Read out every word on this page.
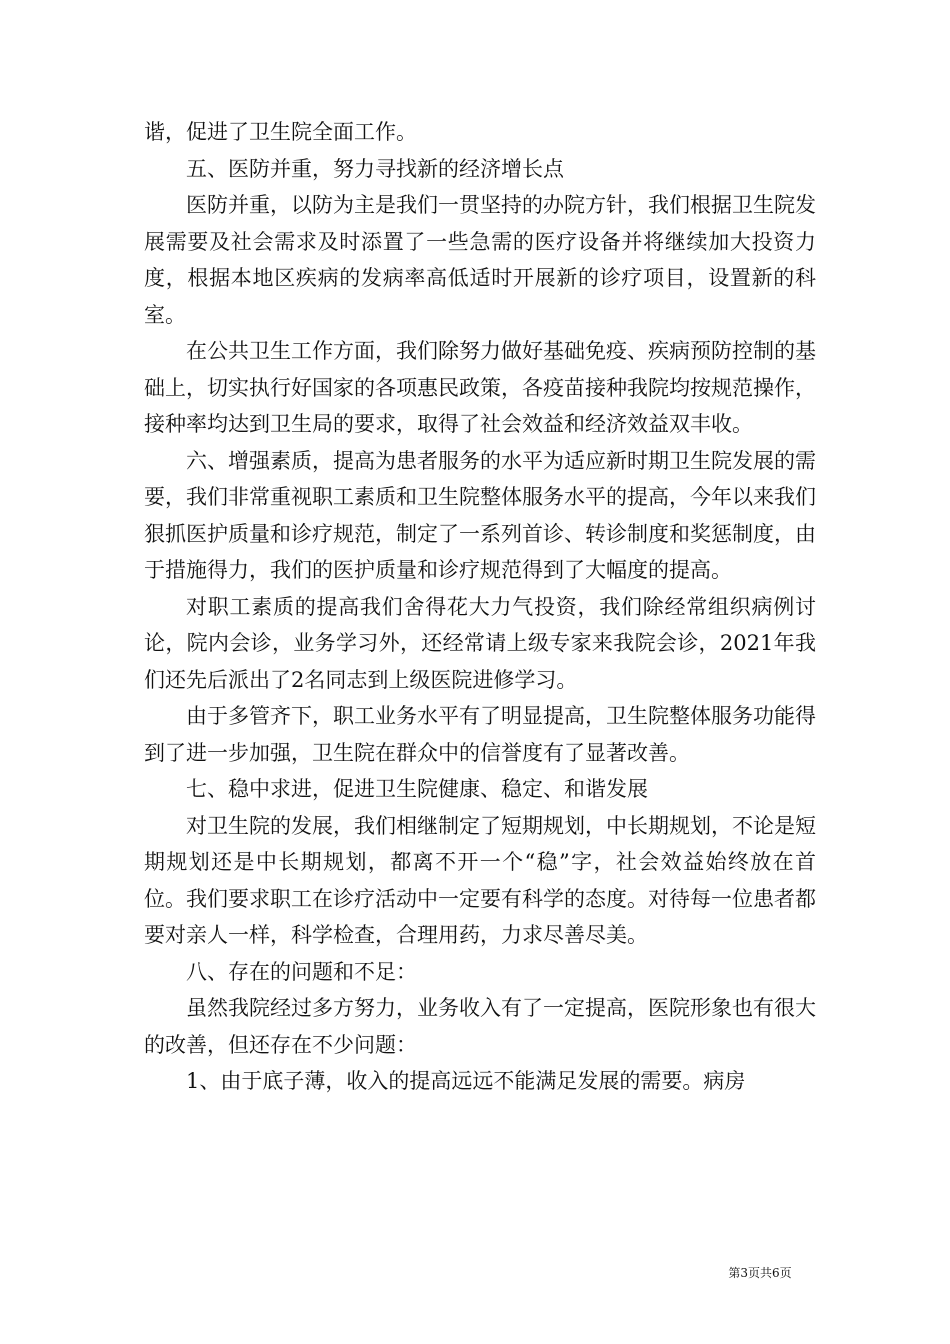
谐，促进了卫生院全面工作。

五、医防并重，努力寻找新的经济增长点

医防并重，以防为主是我们一贯坚持的办院方针，我们根据卫生院发展需要及社会需求及时添置了一些急需的医疗设备并将继续加大投资力度，根据本地区疾病的发病率高低适时开展新的诊疗项目，设置新的科室。

在公共卫生工作方面，我们除努力做好基础免疫、疾病预防控制的基础上，切实执行好国家的各项惠民政策，各疫苗接种我院均按规范操作，接种率均达到卫生局的要求，取得了社会效益和经济效益双丰收。

六、增强素质，提高为患者服务的水平为适应新时期卫生院发展的需要，我们非常重视职工素质和卫生院整体服务水平的提高，今年以来我们狠抓医护质量和诊疗规范，制定了一系列首诊、转诊制度和奖惩制度，由于措施得力，我们的医护质量和诊疗规范得到了大幅度的提高。

对职工素质的提高我们舍得花大力气投资，我们除经常组织病例讨论，院内会诊，业务学习外，还经常请上级专家来我院会诊，2021年我们还先后派出了2名同志到上级医院进修学习。

由于多管齐下，职工业务水平有了明显提高，卫生院整体服务功能得到了进一步加强，卫生院在群众中的信誉度有了显著改善。

七、稳中求进，促进卫生院健康、稳定、和谐发展

对卫生院的发展，我们相继制定了短期规划，中长期规划，不论是短期规划还是中长期规划，都离不开一个“稳”字，社会效益始终放在首位。我们要求职工在诊疗活动中一定要有科学的态度。对待每一位患者都要对亲人一样，科学检查，合理用药，力求尽善尽美。

八、存在的问题和不足：

虽然我院经过多方努力，业务收入有了一定提高，医院形象也有很大的改善，但还存在不少问题：

1、由于底子薄，收入的提高远远不能满足发展的需要。病房

第3页共6页
